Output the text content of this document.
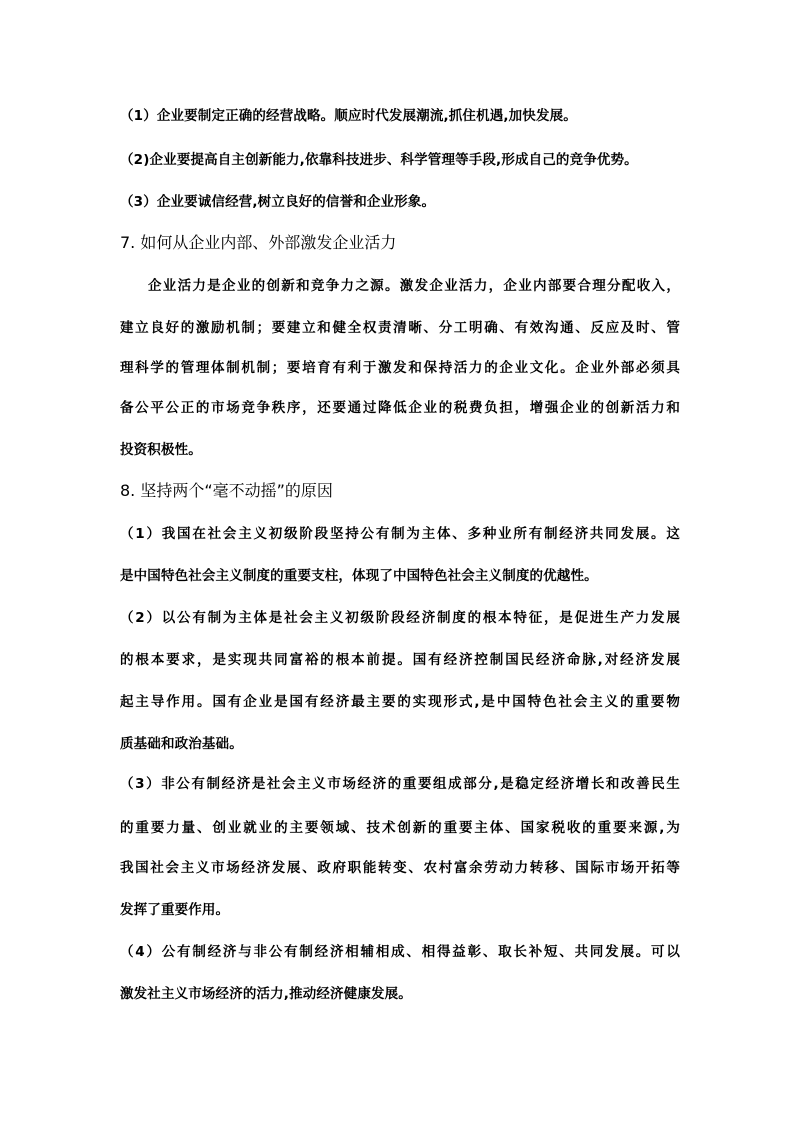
（1）企业要制定正确的经营战略。顺应时代发展潮流,抓住机遇,加快发展。
（2)企业要提高自主创新能力,依靠科技进步、科学管理等手段,形成自己的竞争优势。
（3）企业要诚信经营,树立良好的信誉和企业形象。
7. 如何从企业内部、外部激发企业活力
企业活力是企业的创新和竞争力之源。激发企业活力，企业内部要合理分配收入，
建立良好的激励机制；要建立和健全权责清晰、分工明确、有效沟通、反应及时、管
理科学的管理体制机制；要培育有利于激发和保持活力的企业文化。企业外部必须具
备公平公正的市场竞争秩序，还要通过降低企业的税费负担，增强企业的创新活力和
投资积极性。
8. 坚持两个“毫不动摇”的原因
（1）我国在社会主义初级阶段坚持公有制为主体、多种业所有制经济共同发展。这
是中国特色社会主义制度的重要支柱，体现了中国特色社会主义制度的优越性。
（2）以公有制为主体是社会主义初级阶段经济制度的根本特征，是促进生产力发展
的根本要求，是实现共同富裕的根本前提。国有经济控制国民经济命脉,对经济发展
起主导作用。国有企业是国有经济最主要的实现形式,是中国特色社会主义的重要物
质基础和政治基础。
（3）非公有制经济是社会主义市场经济的重要组成部分,是稳定经济增长和改善民生
的重要力量、创业就业的主要领域、技术创新的重要主体、国家税收的重要来源,为
我国社会主义市场经济发展、政府职能转变、农村富余劳动力转移、国际市场开拓等
发挥了重要作用。
（4）公有制经济与非公有制经济相辅相成、相得益彰、取长补短、共同发展。可以
激发社主义市场经济的活力,推动经济健康发展。
